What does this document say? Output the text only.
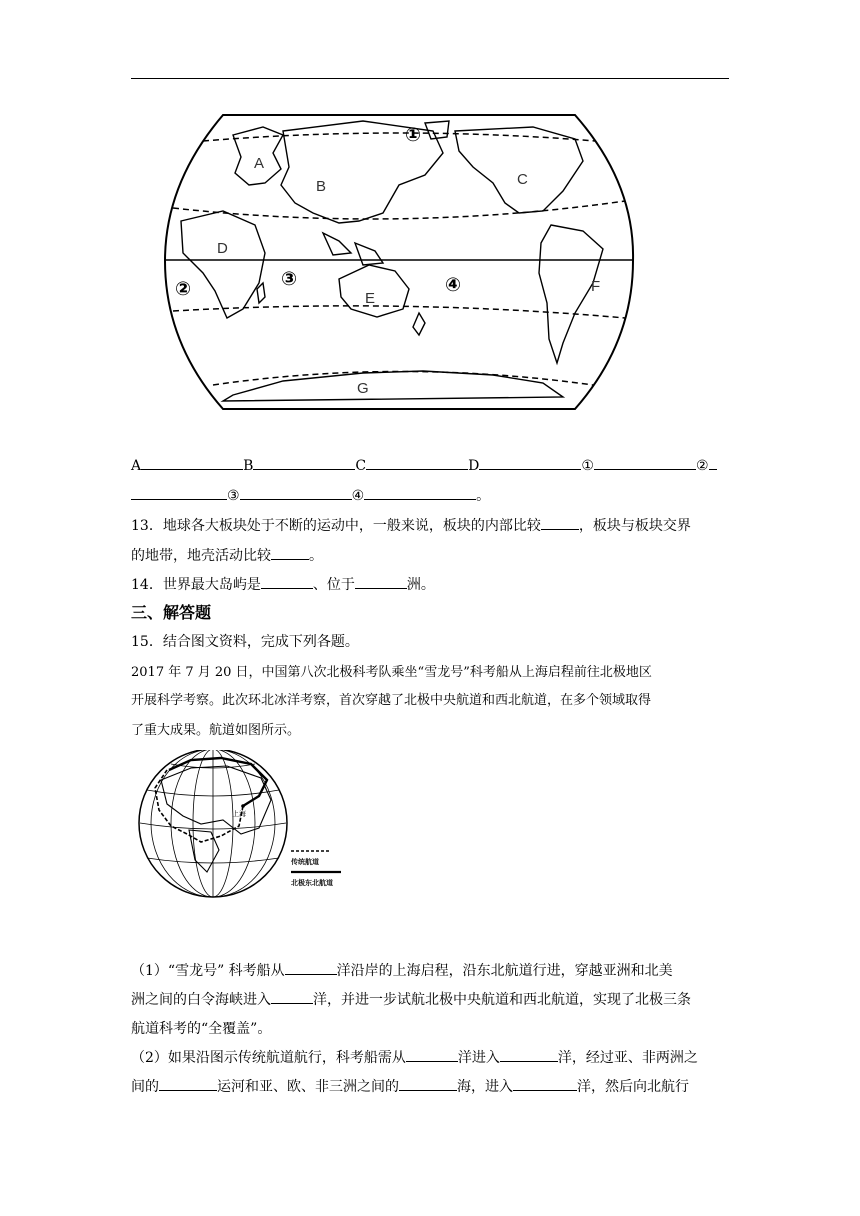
A
B	C
D
E
F
G
①
②	③	④
A	B	C	D	①	②
③	④	。
13．地球各大板块处于不断的运动中，一般来说，板块的内部比较	，板块与板块交界
的地带，地壳活动比较	。
14．世界最大岛屿是	、位于	洲。
三、解答题
15．结合图文资料，完成下列各题。
2017 年 7 月 20 日，中国第八次北极科考队乘坐“雪龙号”科考船从上海启程前往北极地区
开展科学考察。此次环北冰洋考察，首次穿越了北极中央航道和西北航道，在多个领域取得
了重大成果。航道如图所示。
上海
传统航道
北极东北航道
（1）“雪龙号” 科考船从	洋沿岸的上海启程，沿东北航道行进，穿越亚洲和北美
洲之间的白令海峡进入	洋，并进一步试航北极中央航道和西北航道，实现了北极三条
航道科考的“全覆盖”。
（2）如果沿图示传统航道航行，科考船需从	洋进入	洋，经过亚、非两洲之
间的	运河和亚、欧、非三洲之间的	海，进入	洋，然后向北航行
